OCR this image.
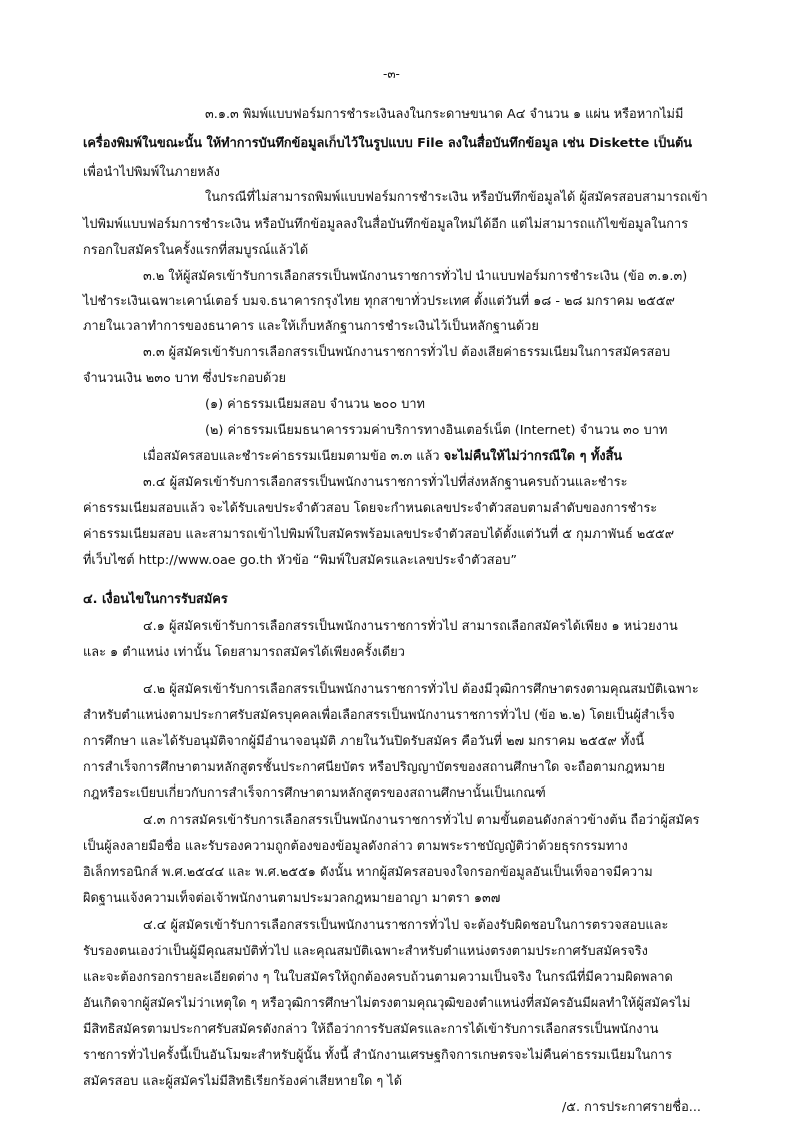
-๓-
๓.๑.๓ พิมพ์แบบฟอร์มการชำระเงินลงในกระดาษขนาด A๔ จำนวน ๑ แผ่น หรือหากไม่มี
เครื่องพิมพ์ในขณะนั้น ให้ทำการบันทึกข้อมูลเก็บไว้ในรูปแบบ File ลงในสื่อบันทึกข้อมูล เช่น Diskette เป็นต้น
เพื่อนำไปพิมพ์ในภายหลัง
ในกรณีที่ไม่สามารถพิมพ์แบบฟอร์มการชำระเงิน หรือบันทึกข้อมูลได้ ผู้สมัครสอบสามารถเข้า
ไปพิมพ์แบบฟอร์มการชำระเงิน หรือบันทึกข้อมูลลงในสื่อบันทึกข้อมูลใหม่ได้อีก แต่ไม่สามารถแก้ไขข้อมูลในการ
กรอกใบสมัครในครั้งแรกที่สมบูรณ์แล้วได้
๓.๒ ให้ผู้สมัครเข้ารับการเลือกสรรเป็นพนักงานราชการทั่วไป นำแบบฟอร์มการชำระเงิน (ข้อ ๓.๑.๓)
ไปชำระเงินเฉพาะเคาน์เตอร์ บมจ.ธนาคารกรุงไทย ทุกสาขาทั่วประเทศ ตั้งแต่วันที่ ๑๘ - ๒๘ มกราคม ๒๕๕๙
ภายในเวลาทำการของธนาคาร และให้เก็บหลักฐานการชำระเงินไว้เป็นหลักฐานด้วย
๓.๓ ผู้สมัครเข้ารับการเลือกสรรเป็นพนักงานราชการทั่วไป ต้องเสียค่าธรรมเนียมในการสมัครสอบ
จำนวนเงิน ๒๓๐ บาท ซึ่งประกอบด้วย
(๑) ค่าธรรมเนียมสอบ จำนวน ๒๐๐ บาท
(๒) ค่าธรรมเนียมธนาคารรวมค่าบริการทางอินเตอร์เน็ต (Internet) จำนวน ๓๐ บาท
เมื่อสมัครสอบและชำระค่าธรรมเนียมตามข้อ ๓.๓ แล้ว จะไม่คืนให้ไม่ว่ากรณีใด ๆ ทั้งสิ้น
๓.๔ ผู้สมัครเข้ารับการเลือกสรรเป็นพนักงานราชการทั่วไปที่ส่งหลักฐานครบถ้วนและชำระ
ค่าธรรมเนียมสอบแล้ว จะได้รับเลขประจำตัวสอบ โดยจะกำหนดเลขประจำตัวสอบตามลำดับของการชำระ
ค่าธรรมเนียมสอบ และสามารถเข้าไปพิมพ์ใบสมัครพร้อมเลขประจำตัวสอบได้ตั้งแต่วันที่ ๕ กุมภาพันธ์ ๒๕๕๙
ที่เว็บไซต์ http://www.oae go.th หัวข้อ “พิมพ์ใบสมัครและเลขประจำตัวสอบ”
๔. เงื่อนไขในการรับสมัคร
๔.๑ ผู้สมัครเข้ารับการเลือกสรรเป็นพนักงานราชการทั่วไป สามารถเลือกสมัครได้เพียง ๑ หน่วยงาน
และ ๑ ตำแหน่ง เท่านั้น โดยสามารถสมัครได้เพียงครั้งเดียว
๔.๒ ผู้สมัครเข้ารับการเลือกสรรเป็นพนักงานราชการทั่วไป ต้องมีวุฒิการศึกษาตรงตามคุณสมบัติเฉพาะ
สำหรับตำแหน่งตามประกาศรับสมัครบุคคลเพื่อเลือกสรรเป็นพนักงานราชการทั่วไป (ข้อ ๒.๒) โดยเป็นผู้สำเร็จ
การศึกษา และได้รับอนุมัติจากผู้มีอำนาจอนุมัติ ภายในวันปิดรับสมัคร คือวันที่ ๒๗ มกราคม ๒๕๕๙ ทั้งนี้
การสำเร็จการศึกษาตามหลักสูตรชั้นประกาศนียบัตร หรือปริญญาบัตรของสถานศึกษาใด จะถือตามกฎหมาย
กฎหรือระเบียบเกี่ยวกับการสำเร็จการศึกษาตามหลักสูตรของสถานศึกษานั้นเป็นเกณฑ์
๔.๓ การสมัครเข้ารับการเลือกสรรเป็นพนักงานราชการทั่วไป ตามขั้นตอนดังกล่าวข้างต้น ถือว่าผู้สมัคร
เป็นผู้ลงลายมือชื่อ และรับรองความถูกต้องของข้อมูลดังกล่าว ตามพระราชบัญญัติว่าด้วยธุรกรรมทาง
อิเล็กทรอนิกส์ พ.ศ.๒๕๔๔ และ พ.ศ.๒๕๕๑ ดังนั้น หากผู้สมัครสอบจงใจกรอกข้อมูลอันเป็นเท็จอาจมีความ
ผิดฐานแจ้งความเท็จต่อเจ้าพนักงานตามประมวลกฎหมายอาญา มาตรา ๑๓๗
๔.๔ ผู้สมัครเข้ารับการเลือกสรรเป็นพนักงานราชการทั่วไป จะต้องรับผิดชอบในการตรวจสอบและ
รับรองตนเองว่าเป็นผู้มีคุณสมบัติทั่วไป และคุณสมบัติเฉพาะสำหรับตำแหน่งตรงตามประกาศรับสมัครจริง
และจะต้องกรอกรายละเอียดต่าง ๆ ในใบสมัครให้ถูกต้องครบถ้วนตามความเป็นจริง ในกรณีที่มีความผิดพลาด
อันเกิดจากผู้สมัครไม่ว่าเหตุใด ๆ หรือวุฒิการศึกษาไม่ตรงตามคุณวุฒิของตำแหน่งที่สมัครอันมีผลทำให้ผู้สมัครไม่
มีสิทธิสมัครตามประกาศรับสมัครดังกล่าว ให้ถือว่าการรับสมัครและการได้เข้ารับการเลือกสรรเป็นพนักงาน
ราชการทั่วไปครั้งนี้เป็นอันโมฆะสำหรับผู้นั้น ทั้งนี้ สำนักงานเศรษฐกิจการเกษตรจะไม่คืนค่าธรรมเนียมในการ
สมัครสอบ และผู้สมัครไม่มีสิทธิเรียกร้องค่าเสียหายใด ๆ ได้
/๕. การประกาศรายชื่อ...
